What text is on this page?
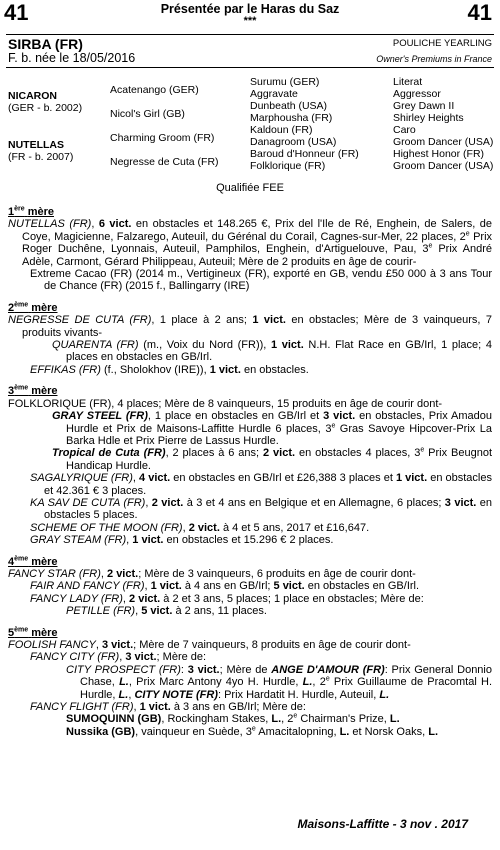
41	41
Présentée par le Haras du Saz
***
SIRBA (FR)
F. b. née le 18/05/2016
POULICHE YEARLING
Owner's Premiums in France
NICARON
(GER - b. 2002)
NUTELLAS
(FR - b. 2007)
Acatenango (GER)
Nicol's Girl (GB)
Charming Groom (FR)
Negresse de Cuta (FR)
Surumu (GER)
Aggravate
Dunbeath (USA)
Marphousha (FR)
Kaldoun (FR)
Danagroom (USA)
Baroud d'Honneur (FR)
Folklorique (FR)
Literat
Aggressor
Grey Dawn II
Shirley Heights
Caro
Groom Dancer (USA)
Highest Honor (FR)
Groom Dancer (USA)
Qualifiée FEE
1ère mère
NUTELLAS (FR), 6 vict. en obstacles et 148.265 €, Prix del l'Ile de Ré, Enghein, de Salers, de Coye, Magicienne, Falzarego, Auteuil, du Gérénal du Corail, Cagnes-sur-Mer, 22 places, 2e Prix Roger Duchêne, Lyonnais, Auteuil, Pamphilos, Enghein, d'Artiguelouve, Pau, 3e Prix André Adèle, Carmont, Gérard Philippeau, Auteuil; Mère de 2 produits en âge de courir-
Extreme Cacao (FR) (2014 m., Vertigineux (FR), exporté en GB, vendu £50 000 à 3 ans Tour de Chance (FR) (2015 f., Ballingarry (IRE)
2ème mère
NEGRESSE DE CUTA (FR), 1 place à 2 ans; 1 vict. en obstacles; Mère de 3 vainqueurs, 7 produits vivants-
QUARENTA (FR) (m., Voix du Nord (FR)), 1 vict. N.H. Flat Race en GB/Irl, 1 place; 4 places en obstacles en GB/Irl.
EFFIKAS (FR) (f., Sholokhov (IRE)), 1 vict. en obstacles.
3ème mère
FOLKLORIQUE (FR), 4 places; Mère de 8 vainqueurs, 15 produits en âge de courir dont-
GRAY STEEL (FR), 1 place en obstacles en GB/Irl et 3 vict. en obstacles, Prix Amadou Hurdle et Prix de Maisons-Laffitte Hurdle 6 places, 3e Gras Savoye Hipcover-Prix La Barka Hdle et Prix Pierre de Lassus Hurdle.
Tropical de Cuta (FR), 2 places à 6 ans; 2 vict. en obstacles 4 places, 3e Prix Beugnot Handicap Hurdle.
SAGALYRIQUE (FR), 4 vict. en obstacles en GB/Irl et £26,388 3 places et 1 vict. en obstacles et 42.361 € 3 places.
KA SAV DE CUTA (FR), 2 vict. à 3 et 4 ans en Belgique et en Allemagne, 6 places; 3 vict. en obstacles 5 places.
SCHEME OF THE MOON (FR), 2 vict. à 4 et 5 ans, 2017 et £16,647.
GRAY STEAM (FR), 1 vict. en obstacles et 15.296 € 2 places.
4ème mère
FANCY STAR (FR), 2 vict.; Mère de 3 vainqueurs, 6 produits en âge de courir dont-
FAIR AND FANCY (FR), 1 vict. à 4 ans en GB/Irl; 5 vict. en obstacles en GB/Irl.
FANCY LADY (FR), 2 vict. à 2 et 3 ans, 5 places; 1 place en obstacles; Mère de:
PETILLE (FR), 5 vict. à 2 ans, 11 places.
5ème mère
FOOLISH FANCY, 3 vict.; Mère de 7 vainqueurs, 8 produits en âge de courir dont-
FANCY CITY (FR), 3 vict.; Mère de:
CITY PROSPECT (FR): 3 vict.; Mère de ANGE D'AMOUR (FR): Prix General Donnio Chase, L., Prix Marc Antony 4yo H. Hurdle, L., 2e Prix Guillaume de Pracomtal H. Hurdle, L., CITY NOTE (FR): Prix Hardatit H. Hurdle, Auteuil, L.
FANCY FLIGHT (FR), 1 vict. à 3 ans en GB/Irl; Mère de:
SUMOQUINN (GB), Rockingham Stakes, L., 2e Chairman's Prize, L.
Nussika (GB), vainqueur en Suède, 3e Amacitalopning, L. et Norsk Oaks, L.
Maisons-Laffitte - 3 nov . 2017
